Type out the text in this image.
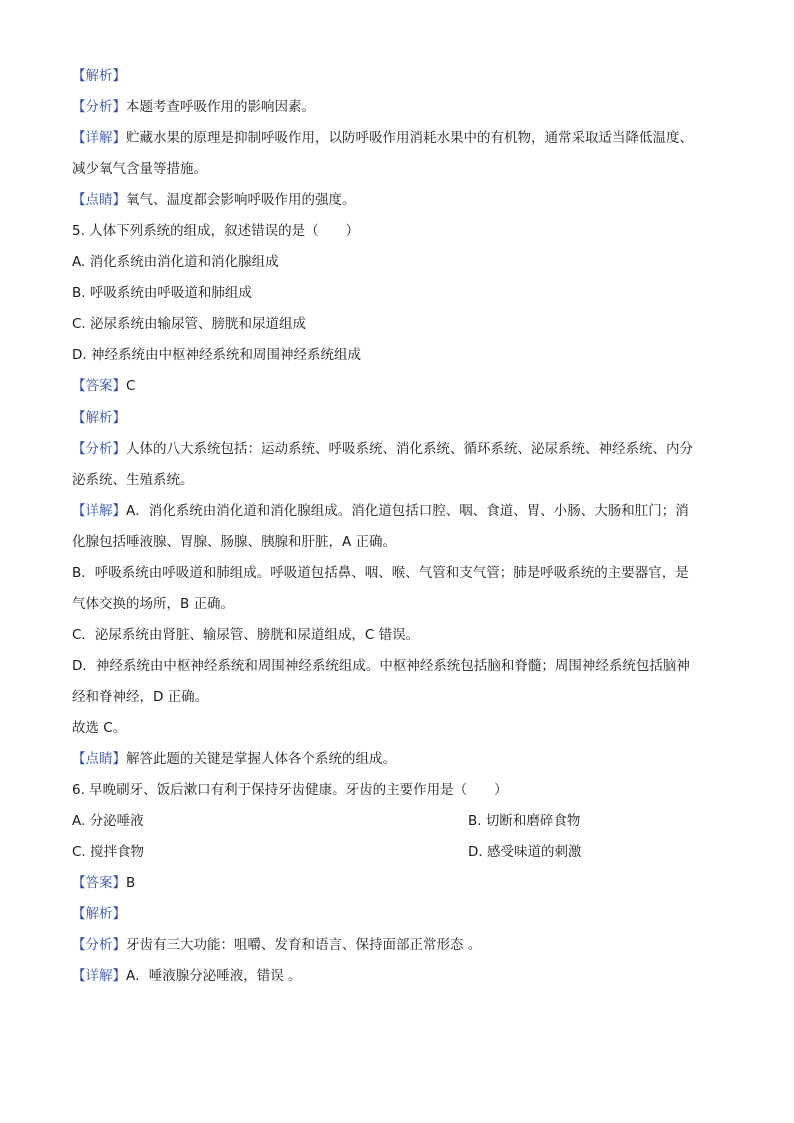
【解析】
【分析】本题考查呼吸作用的影响因素。
【详解】贮藏水果的原理是抑制呼吸作用，以防呼吸作用消耗水果中的有机物，通常采取适当降低温度、
减少氧气含量等措施。
【点睛】氧气、温度都会影响呼吸作用的强度。
5. 人体下列系统的组成，叙述错误的是（　　）
A. 消化系统由消化道和消化腺组成
B. 呼吸系统由呼吸道和肺组成
C. 泌尿系统由输尿管、膀胱和尿道组成
D. 神经系统由中枢神经系统和周围神经系统组成
【答案】C
【解析】
【分析】人体的八大系统包括：运动系统、呼吸系统、消化系统、循环系统、泌尿系统、神经系统、内分
泌系统、生殖系统。
【详解】A．消化系统由消化道和消化腺组成。消化道包括口腔、咽、食道、胃、小肠、大肠和肛门；消
化腺包括唾液腺、胃腺、肠腺、胰腺和肝脏，A 正确。
B．呼吸系统由呼吸道和肺组成。呼吸道包括鼻、咽、喉、气管和支气管；肺是呼吸系统的主要器官，是
气体交换的场所，B 正确。
C．泌尿系统由肾脏、输尿管、膀胱和尿道组成，C 错误。
D．神经系统由中枢神经系统和周围神经系统组成。中枢神经系统包括脑和脊髓；周围神经系统包括脑神
经和脊神经，D 正确。
故选 C。
【点睛】解答此题的关键是掌握人体各个系统的组成。
6. 早晚刷牙、饭后漱口有利于保持牙齿健康。牙齿的主要作用是（　　）
A. 分泌唾液	B. 切断和磨碎食物
C. 搅拌食物	D. 感受味道的刺激
【答案】B
【解析】
【分析】牙齿有三大功能：咀嚼、发育和语言、保持面部正常形态 。
【详解】A．唾液腺分泌唾液，错误 。
